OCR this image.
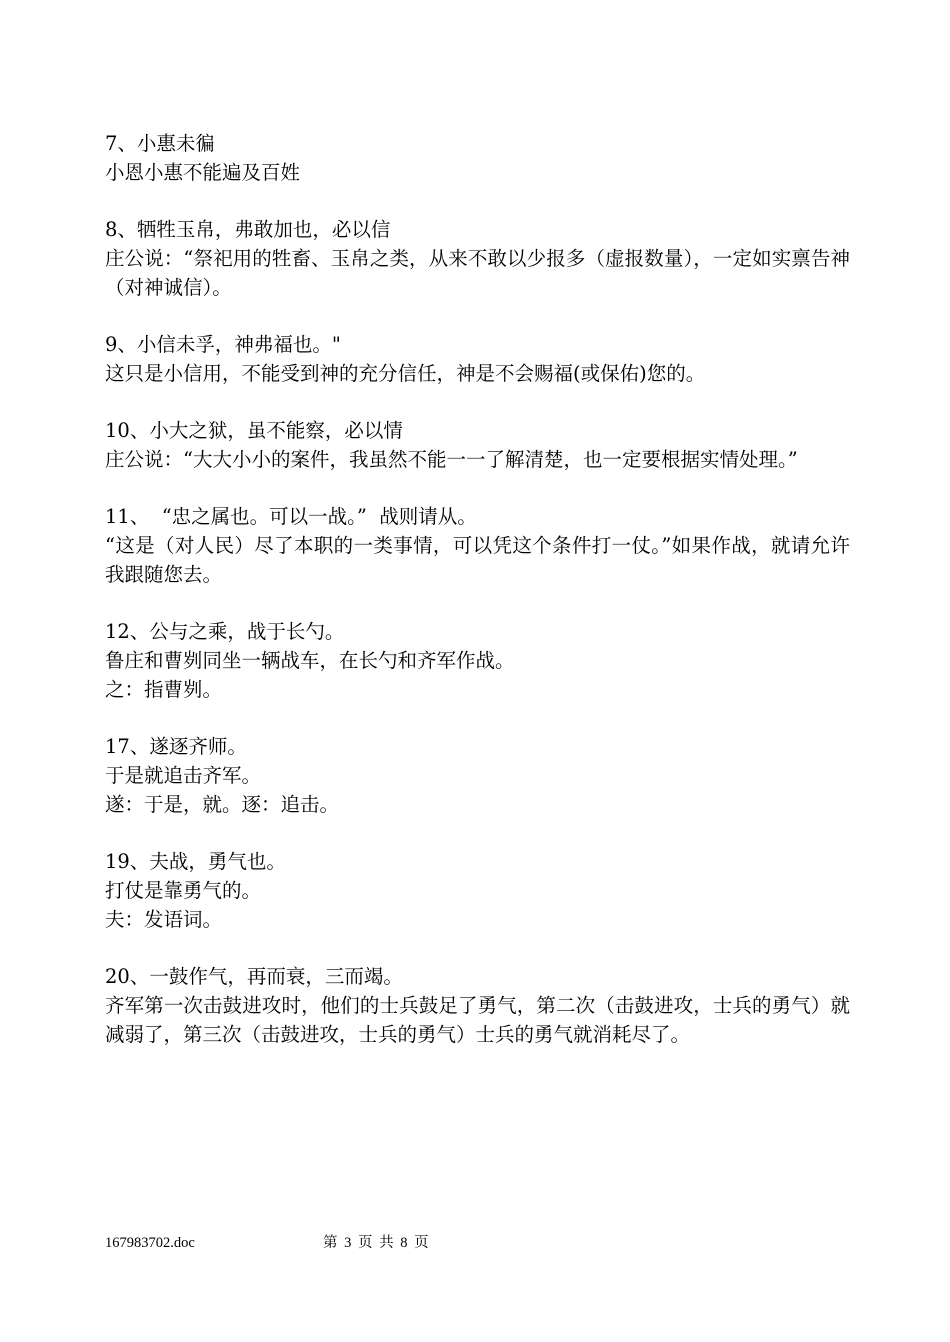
7、小惠未徧
小恩小惠不能遍及百姓
8、牺牲玉帛，弗敢加也，必以信
庄公说：“祭祀用的牲畜、玉帛之类，从来不敢以少报多（虚报数量），一定如实禀告神（对神诚信）。
9、小信未孚，神弗福也。"
这只是小信用，不能受到神的充分信任，神是不会赐福(或保佑)您的。
10、小大之狱，虽不能察，必以情
庄公说：“大大小小的案件，我虽然不能一一了解清楚，也一定要根据实情处理。”
11、  “忠之属也。可以一战。”  战则请从。
“这是（对人民）尽了本职的一类事情，可以凭这个条件打一仗。”如果作战，就请允许我跟随您去。
12、公与之乘，战于长勺。
鲁庄和曹刿同坐一辆战车，在长勺和齐军作战。
之：指曹刿。
17、遂逐齐师。
于是就追击齐军。
遂：于是，就。逐：追击。
19、夫战，勇气也。
打仗是靠勇气的。
夫：发语词。
20、一鼓作气，再而衰，三而竭。
齐军第一次击鼓进攻时，他们的士兵鼓足了勇气，第二次（击鼓进攻，士兵的勇气）就减弱了，第三次（击鼓进攻，士兵的勇气）士兵的勇气就消耗尽了。
167983702.doc	第 3 页 共 8 页
